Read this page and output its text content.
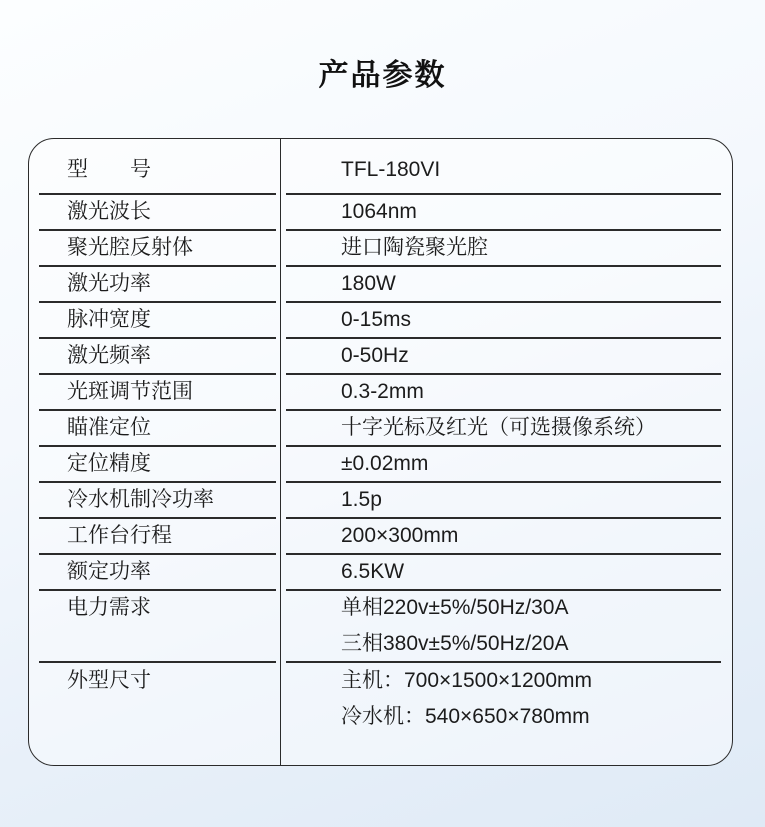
产品参数
型　　号	TFL-180VI
激光波长	1064nm
聚光腔反射体	进口陶瓷聚光腔
激光功率	180W
脉冲宽度	0-15ms
激光频率	0-50Hz
光斑调节范围	0.3-2mm
瞄准定位	十字光标及红光（可选摄像系统）
定位精度	±0.02mm
冷水机制冷功率	1.5p
工作台行程	200×300mm
额定功率	6.5KW
电力需求	单相220v±5%/50Hz/30A
三相380v±5%/50Hz/20A
外型尺寸	主机：700×1500×1200mm
冷水机：540×650×780mm
